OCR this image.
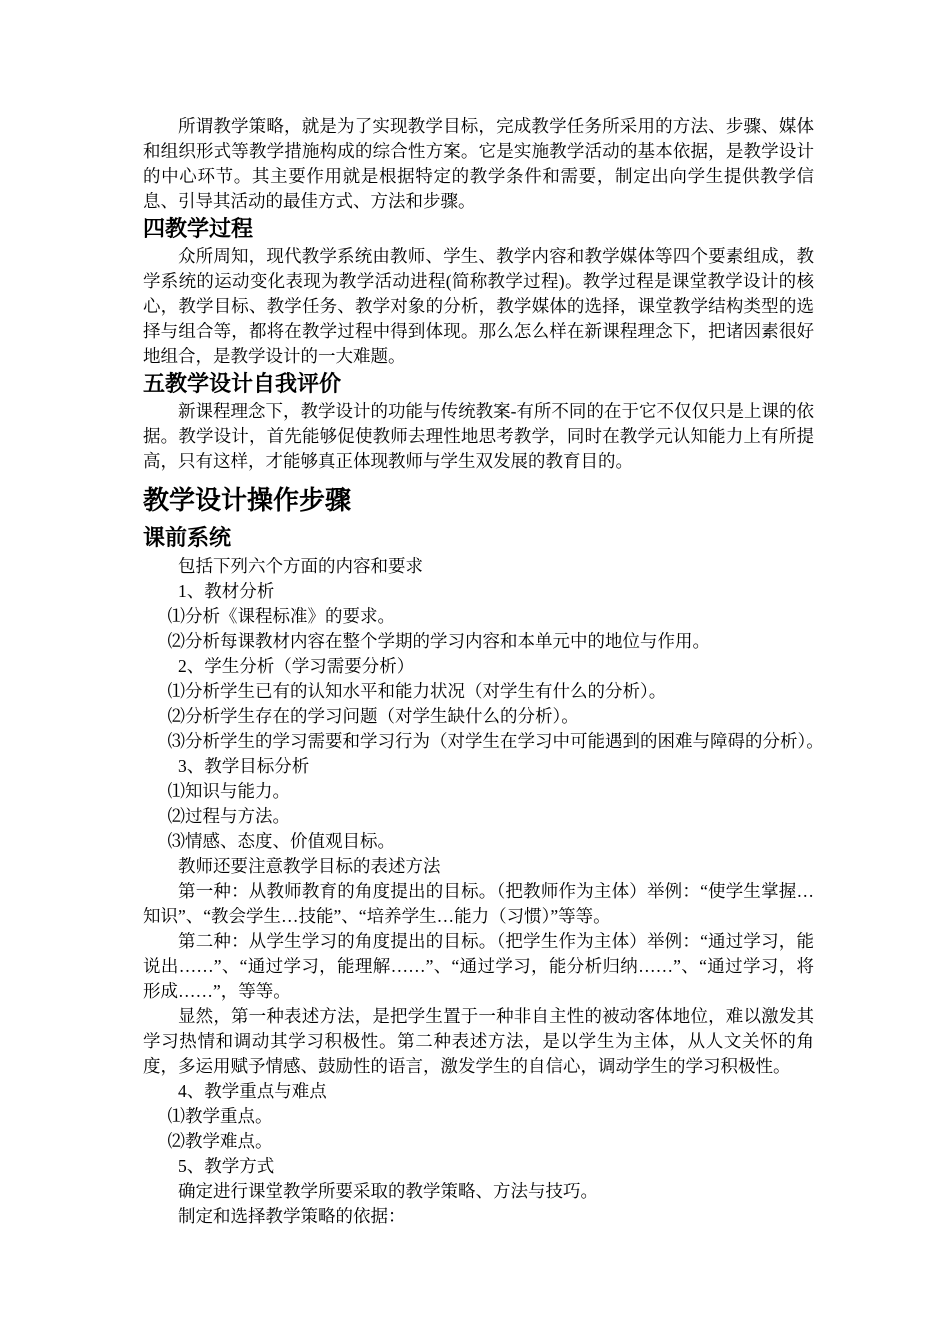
所谓教学策略，就是为了实现教学目标，完成教学任务所采用的方法、步骤、媒体和组织形式等教学措施构成的综合性方案。它是实施教学活动的基本依据，是教学设计的中心环节。其主要作用就是根据特定的教学条件和需要，制定出向学生提供教学信息、引导其活动的最佳方式、方法和步骤。

四教学过程

众所周知，现代教学系统由教师、学生、教学内容和教学媒体等四个要素组成，教学系统的运动变化表现为教学活动进程(简称教学过程)。教学过程是课堂教学设计的核心，教学目标、教学任务、教学对象的分析，教学媒体的选择，课堂教学结构类型的选择与组合等，都将在教学过程中得到体现。那么怎么样在新课程理念下，把诸因素很好地组合，是教学设计的一大难题。

五教学设计自我评价

新课程理念下，教学设计的功能与传统教案-有所不同的在于它不仅仅只是上课的依据。教学设计，首先能够促使教师去理性地思考教学，同时在教学元认知能力上有所提高，只有这样，才能够真正体现教师与学生双发展的教育目的。

教学设计操作步骤
课前系统

包括下列六个方面的内容和要求

1、教材分析

⑴分析《课程标准》的要求。

⑵分析每课教材内容在整个学期的学习内容和本单元中的地位与作用。

2、学生分析（学习需要分析）

⑴分析学生已有的认知水平和能力状况（对学生有什么的分析）。

⑵分析学生存在的学习问题（对学生缺什么的分析）。

⑶分析学生的学习需要和学习行为（对学生在学习中可能遇到的困难与障碍的分析）。

3、教学目标分析

⑴知识与能力。

⑵过程与方法。

⑶情感、态度、价值观目标。

教师还要注意教学目标的表述方法

第一种：从教师教育的角度提出的目标。（把教师作为主体）举例：“使学生掌握…知识”、“教会学生…技能”、“培养学生…能力（习惯）”等等。

第二种：从学生学习的角度提出的目标。（把学生作为主体）举例：“通过学习，能说出……”、“通过学习，能理解……”、“通过学习，能分析归纳……”、“通过学习，将形成……”，等等。

显然，第一种表述方法，是把学生置于一种非自主性的被动客体地位，难以激发其学习热情和调动其学习积极性。第二种表述方法，是以学生为主体，从人文关怀的角度，多运用赋予情感、鼓励性的语言，激发学生的自信心，调动学生的学习积极性。

4、教学重点与难点

⑴教学重点。

⑵教学难点。

5、教学方式

确定进行课堂教学所要采取的教学策略、方法与技巧。

制定和选择教学策略的依据：
